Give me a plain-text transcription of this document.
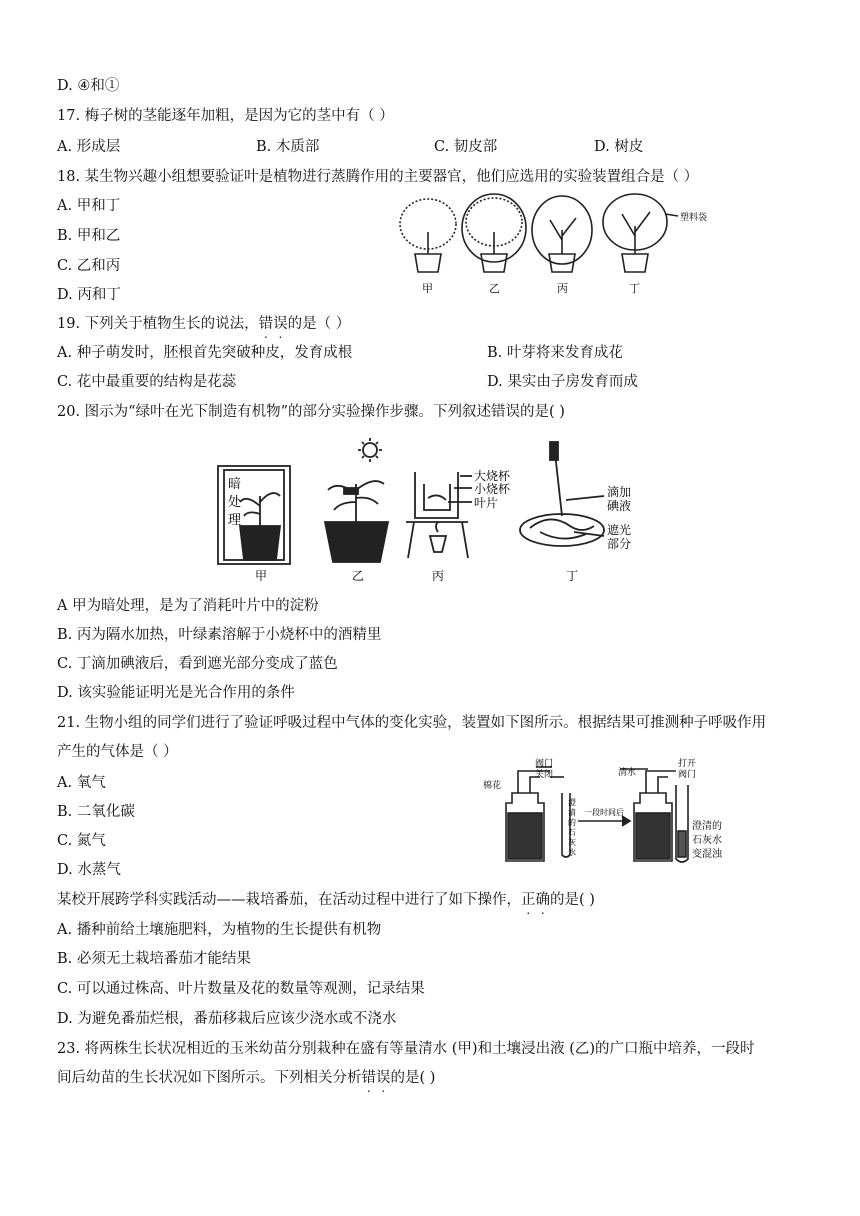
D. ④和①
17. 梅子树的茎能逐年加粗，是因为它的茎中有（ ）
A. 形成层	B. 木质部	C. 韧皮部	D. 树皮
18. 某生物兴趣小组想要验证叶是植物进行蒸腾作用的主要器官，他们应选用的实验装置组合是（ ）
A. 甲和丁
B. 甲和乙
C. 乙和丙
D. 丙和丁
塑料袋
甲	乙	丙	丁
19. 下列关于植物生长的说法，错误的是（ ）
A. 种子萌发时，胚根首先突破种皮，发育成根	B. 叶芽将来发育成花
C. 花中最重要的结构是花蕊	D. 果实由子房发育而成
20. 图示为“绿叶在光下制造有机物”的部分实验操作步骤。下列叙述错误的是( )
暗
处
理
大烧杯
小烧杯
叶片
滴加
碘液
遮光
部分
甲	乙	丙	丁
A 甲为暗处理，是为了消耗叶片中的淀粉
B. 丙为隔水加热，叶绿素溶解于小烧杯中的酒精里
C. 丁滴加碘液后，看到遮光部分变成了蓝色
D. 该实验能证明光是光合作用的条件
21. 生物小组的同学们进行了验证呼吸过程中气体的变化实验，装置如下图所示。根据结果可推测种子呼吸作用
产生的气体是（ ）
A. 氧气
B. 二氧化碳
C. 氮气
D. 水蒸气
棉花
阀门
关闭	清水
打开
阀门
一段时间后
澄
清
的
石
灰
水
澄清的
石灰水
变混浊
某校开展跨学科实践活动——栽培番茄，在活动过程中进行了如下操作，正确的是( )
A. 播种前给土壤施肥料，为植物的生长提供有机物
B. 必须无土栽培番茄才能结果
C. 可以通过株高、叶片数量及花的数量等观测，记录结果
D. 为避免番茄烂根，番茄移栽后应该少浇水或不浇水
23. 将两株生长状况相近的玉米幼苗分别栽种在盛有等量清水 (甲)和土壤浸出液 (乙)的广口瓶中培养，一段时
间后幼苗的生长状况如下图所示。下列相关分析错误的是( )
